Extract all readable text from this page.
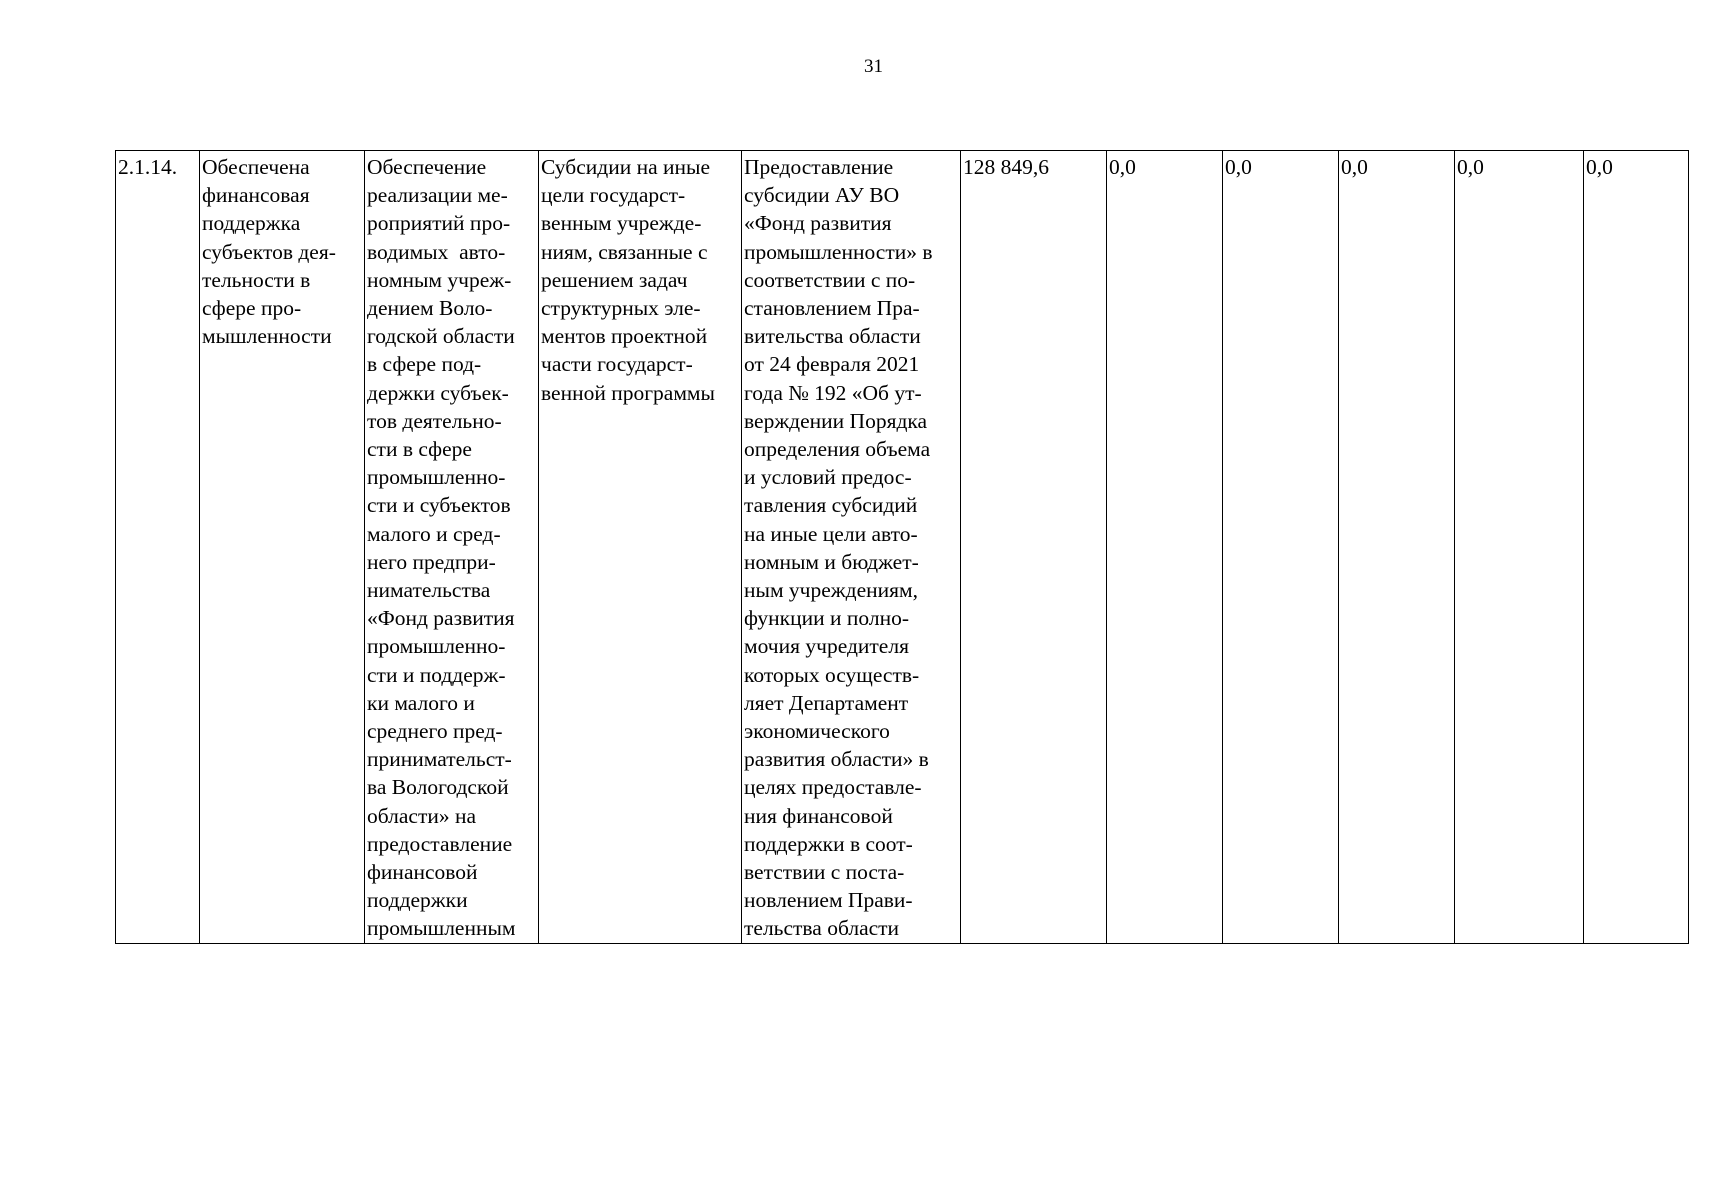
31
2.1.14.	Обеспечена
финансовая
поддержка
субъектов дея-
тельности в
сфере про-
мышленности

Обеспечение
реализации ме-
роприятий про-
водимых  авто-
номным учреж-
дением Воло-
годской области
в сфере под-
держки субъек-
тов деятельно-
сти в сфере
промышленно-
сти и субъектов
малого и сред-
него предпри-
нимательства
«Фонд развития
промышленно-
сти и поддерж-
ки малого и
среднего пред-
принимательст-
ва Вологодской
области» на
предоставление
финансовой
поддержки
промышленным

Субсидии на иные
цели государст-
венным учрежде-
ниям, связанные с
решением задач
структурных эле-
ментов проектной
части государст-
венной программы

Предоставление
субсидии АУ ВО
«Фонд развития
промышленности» в
соответствии с по-
становлением Пра-
вительства области
от 24 февраля 2021
года № 192 «Об ут-
верждении Порядка
определения объема
и условий предос-
тавления субсидий
на иные цели авто-
номным и бюджет-
ным учреждениям,
функции и полно-
мочия учредителя
которых осуществ-
ляет Департамент
экономического
развития области» в
целях предоставле-
ния финансовой
поддержки в соот-
ветствии с поста-
новлением Прави-
тельства области

128 849,6	0,0	0,0	0,0	0,0	0,0
